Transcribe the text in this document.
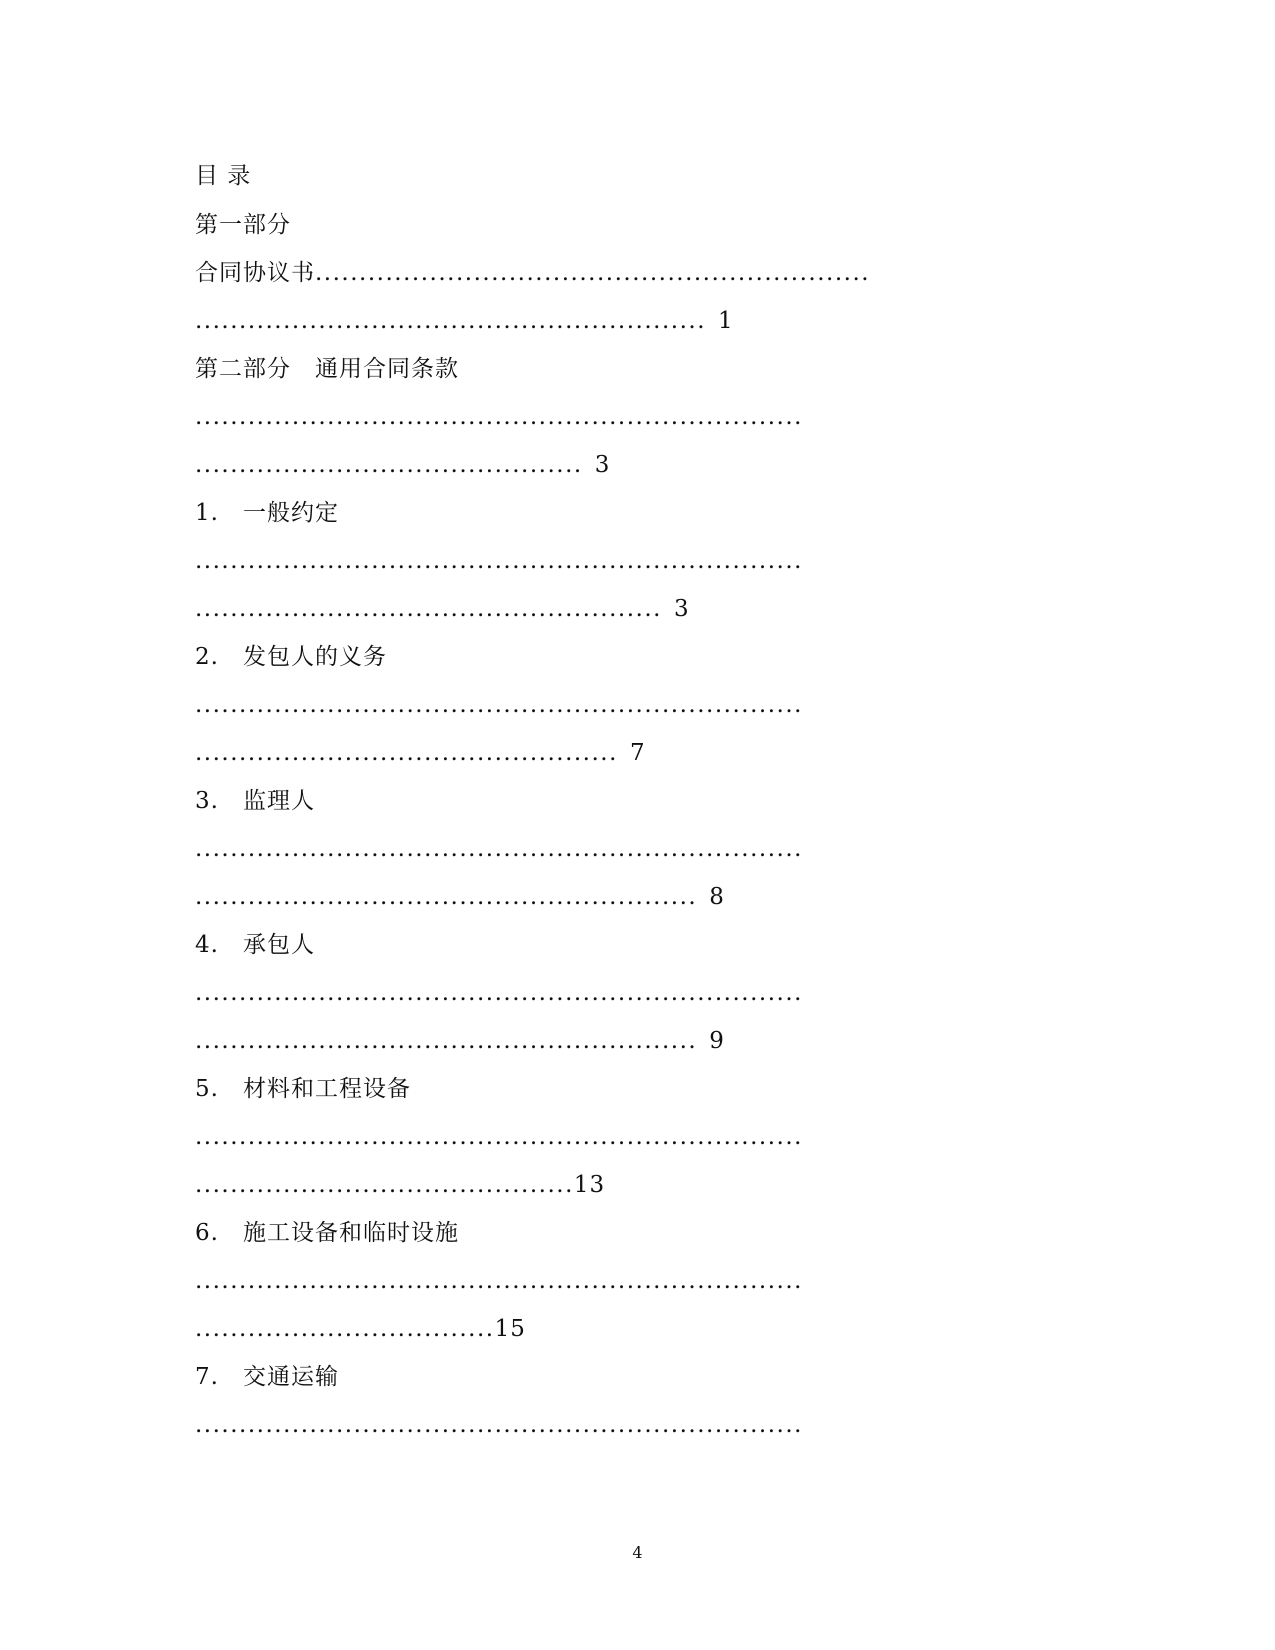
目 录
第一部分
合同协议书...............................................................
.......................................................... 1
第二部分　通用合同条款
.....................................................................
............................................ 3
1. 一般约定
.....................................................................
..................................................... 3
2. 发包人的义务
.....................................................................
................................................ 7
3. 监理人
.....................................................................
......................................................... 8
4. 承包人
.....................................................................
......................................................... 9
5. 材料和工程设备
.....................................................................
...........................................13
6. 施工设备和临时设施
.....................................................................
..................................15
7. 交通运输
.....................................................................
4
